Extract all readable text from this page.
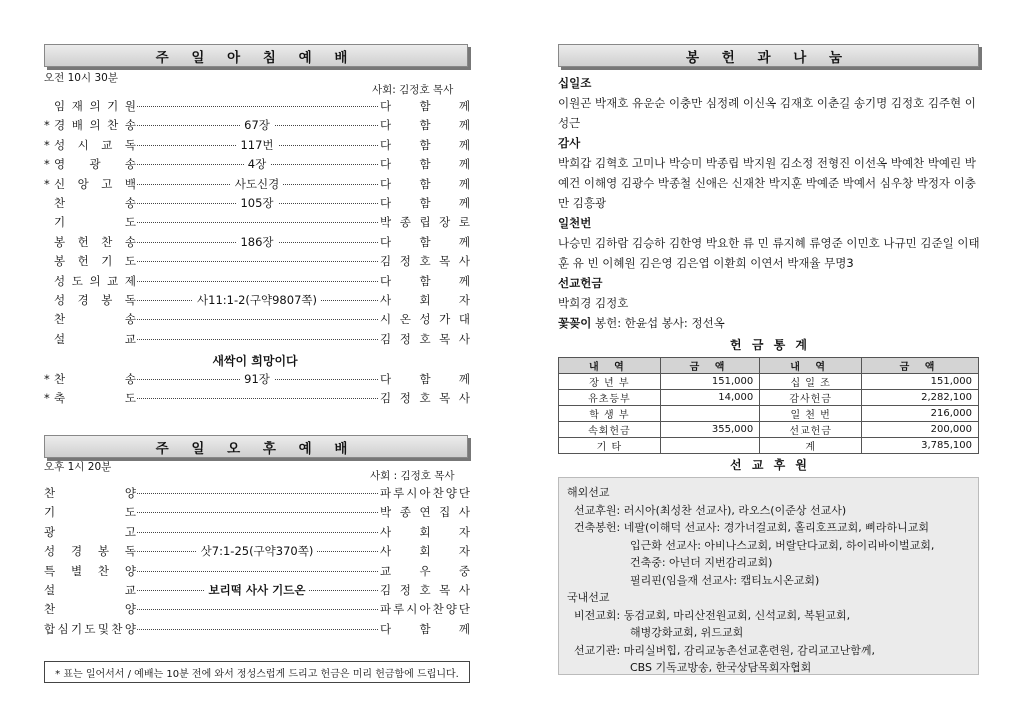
주 일 아 침 예 배
오전 10시 30분
사회: 김정호 목사
임 재 의 기 원	다 함 께
* 경 배 의 찬 송	67장	다 함 께
* 성 시 교 독	117번	다 함 께
* 영 광 송	4장	다 함 께
* 신 앙 고 백	사도신경	다 함 께
찬	송	105장	다 함 께
기	도	박 종 립 장 로
봉 헌 찬 송	186장	다 함 께
봉 헌 기 도	김 정 호 목 사
성 도 의 교 제	다 함 께
성 경 봉 독	사11:1-2(구약9807쪽)	사 회 자
찬	송	시 온 성 가 대
설	교	김 정 호 목 사
새싹이 희망이다
* 찬	송	91장	다 함 께
* 축	도	김 정 호 목 사
주 일 오 후 예 배
오후 1시 20분
사회 : 김정호 목사
찬	양	파 루 시 아 찬 양 단
기	도	박 종 연 집 사
광	고	사 회 자
성 경 봉 독	삿7:1-25(구약370쪽)	사 회 자
특 별 찬 양	교 우 중
설	교	보리떡 사사 기드온	김 정 호 목 사
찬	양	파 루 시 아 찬 양 단
합 심 기 도 및 찬 양	다 함 께
* 표는 일어서서 / 예배는 10분 전에 와서 정성스럽게 드리고 헌금은 미리 헌금함에 드립니다.
봉 헌 과 나 눔
십일조
이원곤 박재호 유운순 이충만 심정례 이신옥 김재호 이춘길 송기명 김정호 김주현 이성근
감사
박희갑 김혁호 고미나 박승미 박종립 박지원 김소정 전형진 이선옥 박예찬 박예린 박예건 이해영 김광수 박종철 신애은 신재찬 박지훈 박예준 박예서 심우창 박정자 이충만 김흥광
일천번
나승민 김하람 김승하 김한영 박요한 류 민 류지혜 류영준 이민호 나규민 김준일 이태훈 유 빈 이혜원 김은영 김은엽 이환희 이연서 박재율 무명3
선교헌금
박희경 김정호
꽃꽂이 봉헌: 한윤섭 봉사: 정선옥
헌 금 통 계
내 역	금 액	내 역	금 액
장 년 부	151,000	십 일 조	151,000
유초등부	14,000	감사헌금	2,282,100
학 생 부		일 천 번	216,000
속회헌금	355,000	선교헌금	200,000
기 타		계	3,785,100
선 교 후 원
해외선교
선교후원: 러시아(최성찬 선교사), 라오스(이준상 선교사)
건축봉헌: 네팔(이해덕 선교사: 경가너걸교회, 홀리호프교회, 삐라하니교회
입근화 선교사: 아비나스교회, 버랄단다교회, 하이리바이벌교회,
건축중: 아넌더 지번감리교회)
필리핀(임을재 선교사: 캡티뇨시온교회)
국내선교
비전교회: 동검교회, 마리산전원교회, 신석교회, 복된교회,
해병강화교회, 위드교회
선교기관: 마리실버힙, 감리교농촌선교훈련원, 감리교고난함께,
CBS 기독교방송, 한국상담목회자협회
